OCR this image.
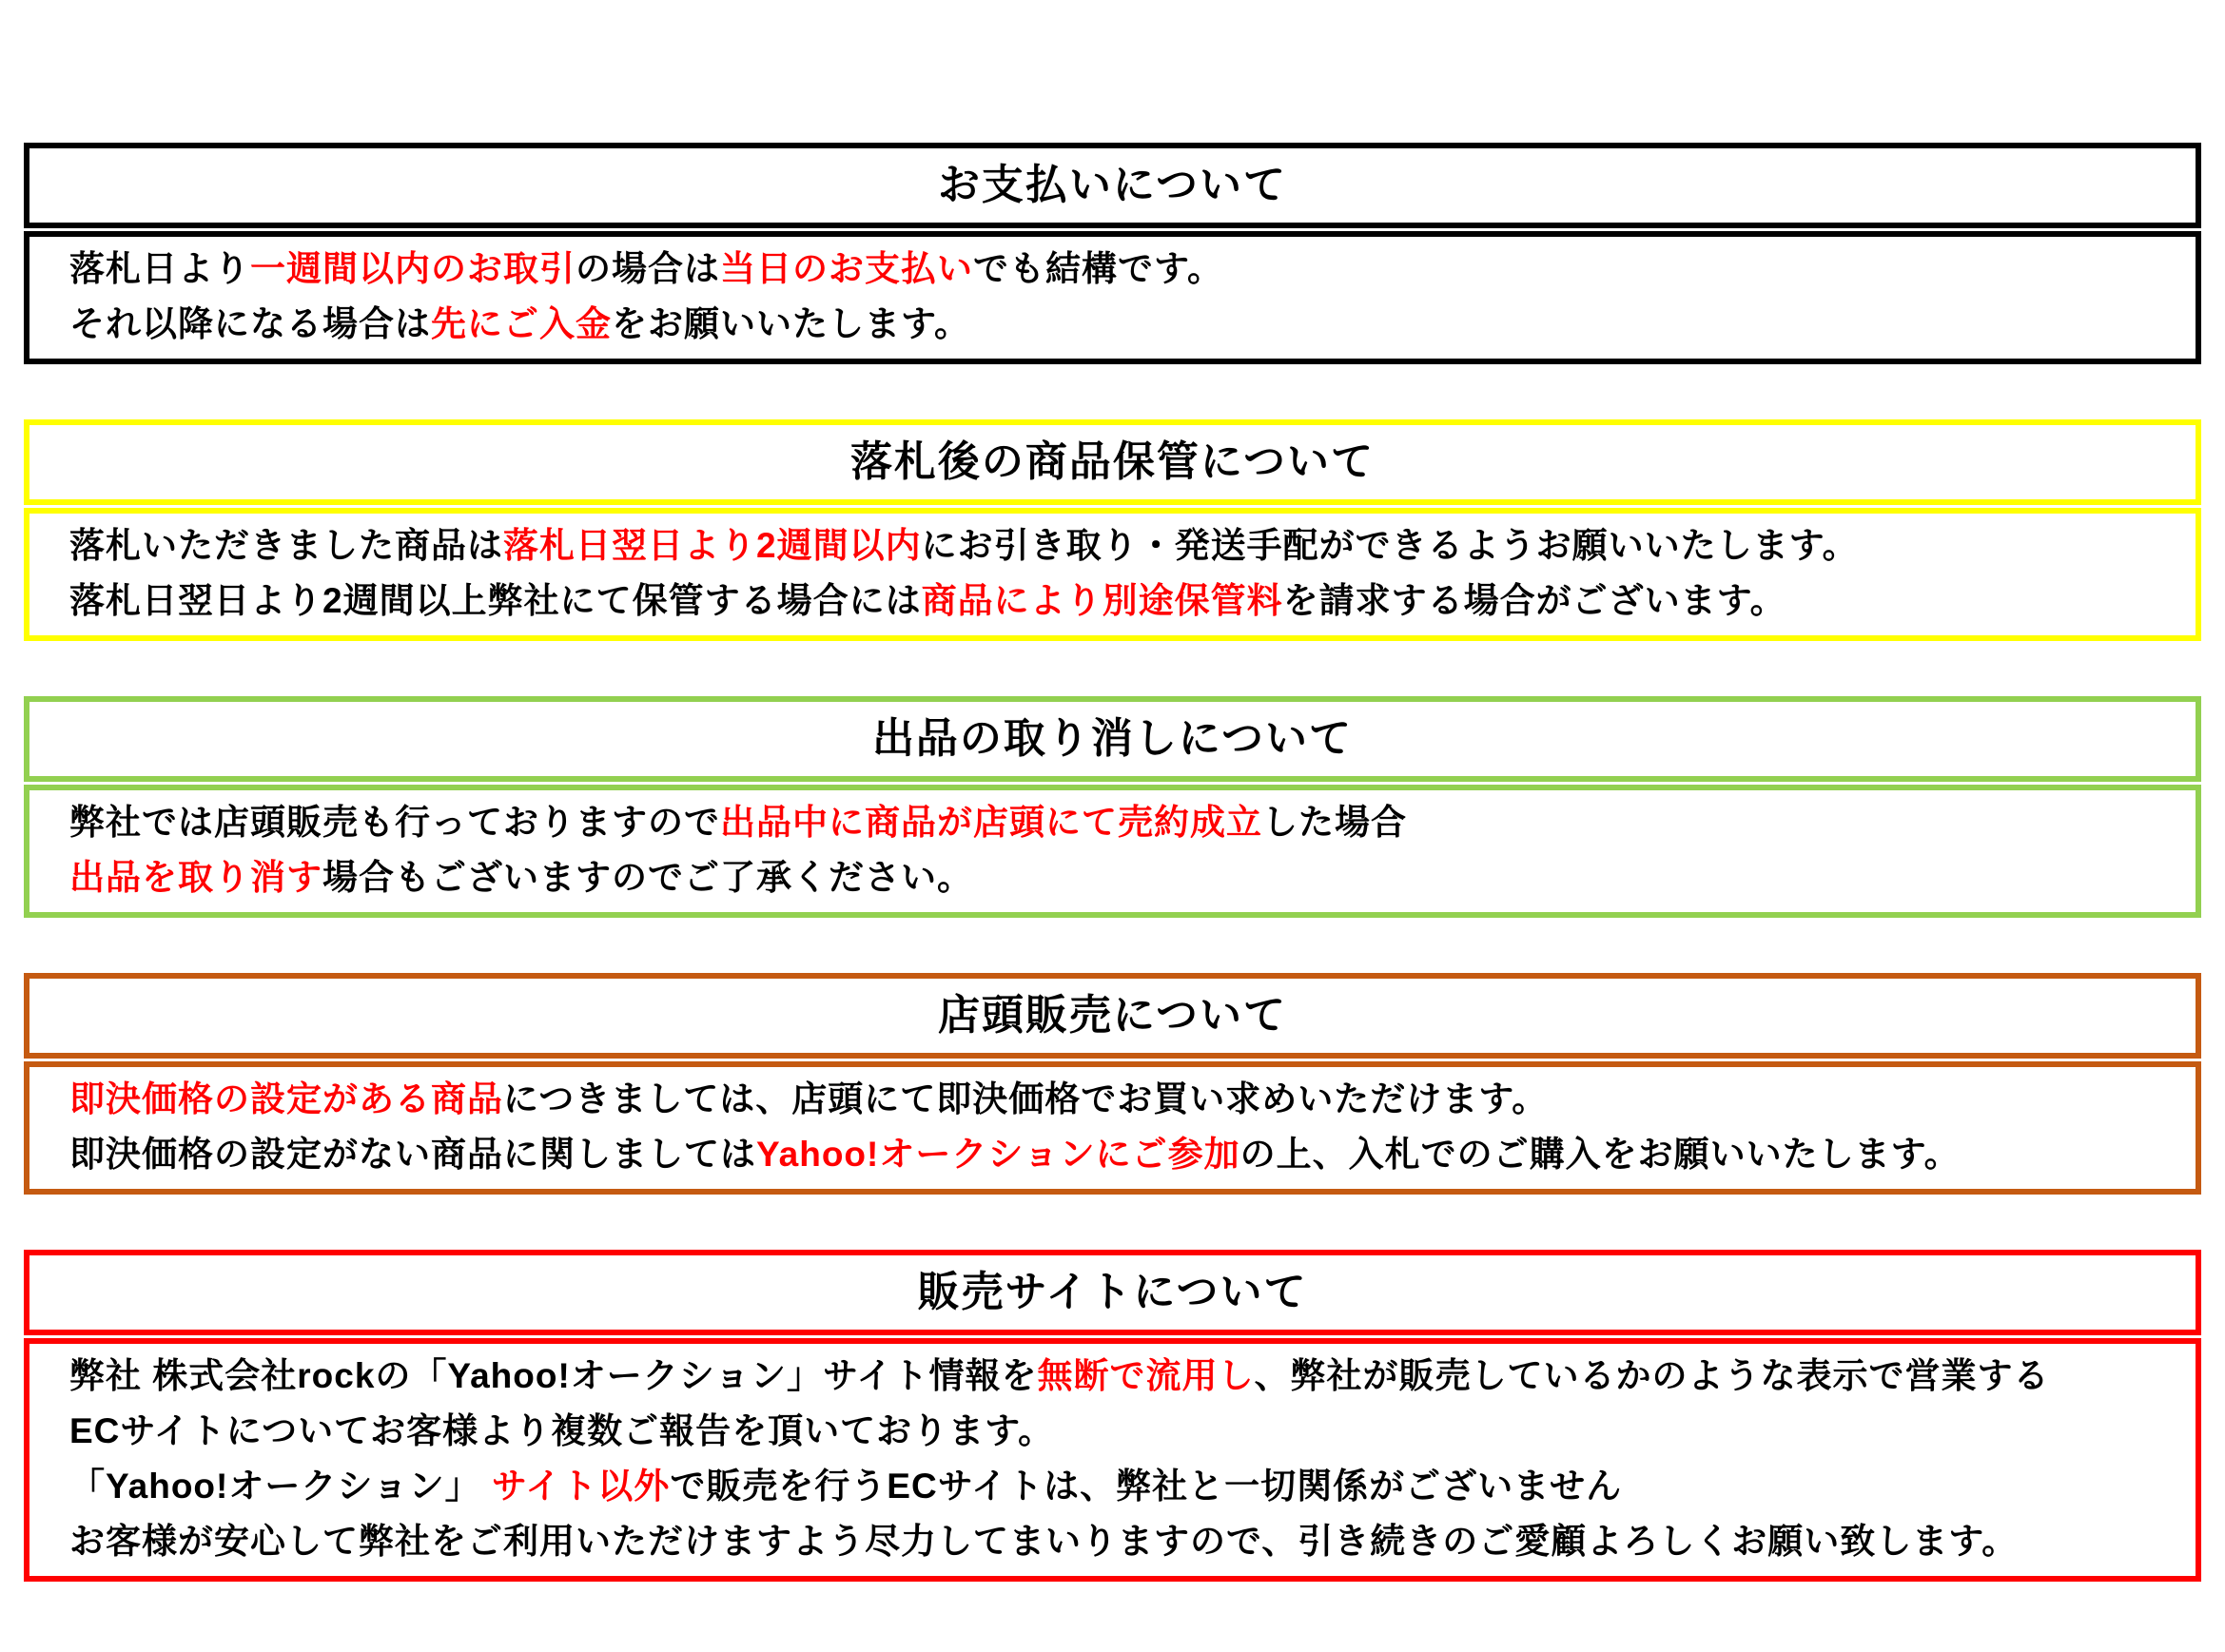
お支払いについて

落札日より一週間以内のお取引の場合は当日のお支払いでも結構です。

それ以降になる場合は先にご入金をお願いいたします。

落札後の商品保管について

落札いただきました商品は落札日翌日より2週間以内にお引き取り・発送手配ができるようお願いいたします。

落札日翌日より2週間以上弊社にて保管する場合には商品により別途保管料を請求する場合がございます。

出品の取り消しについて

弊社では店頭販売も行っておりますので出品中に商品が店頭にて売約成立した場合

出品を取り消す場合もございますのでご了承ください。

店頭販売について

即決価格の設定がある商品につきましては、店頭にて即決価格でお買い求めいただけます。

即決価格の設定がない商品に関しましてはYahoo!オークションにご参加の上、入札でのご購入をお願いいたします。

販売サイトについて

弊社 株式会社rockの「Yahoo!オークション」サイト情報を無断で流用し、弊社が販売しているかのような表示で営業する

ECサイトについてお客様より複数ご報告を頂いております。

「Yahoo!オークション」 サイト以外で販売を行うECサイトは、弊社と一切関係がございません

お客様が安心して弊社をご利用いただけますよう尽力してまいりますので、引き続きのご愛顧よろしくお願い致します。
